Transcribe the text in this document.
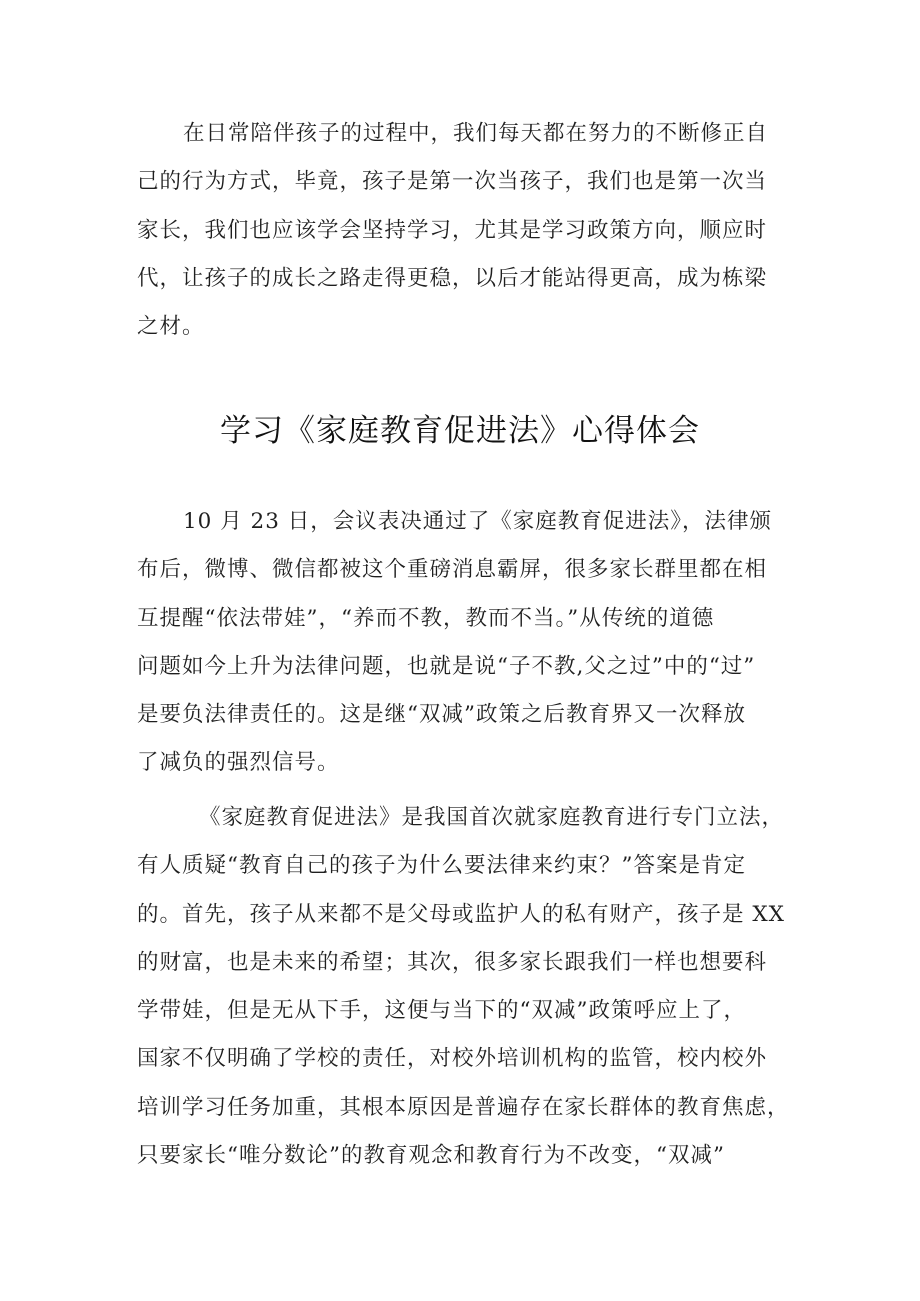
在日常陪伴孩子的过程中，我们每天都在努力的不断修正自
己的行为方式，毕竟，孩子是第一次当孩子，我们也是第一次当
家长，我们也应该学会坚持学习，尤其是学习政策方向，顺应时
代，让孩子的成长之路走得更稳，以后才能站得更高，成为栋梁
之材。
学习《家庭教育促进法》心得体会
10 月 23 日，会议表决通过了《家庭教育促进法》，法律颁
布后，微博、微信都被这个重磅消息霸屏，很多家长群里都在相
互提醒“依法带娃”，“养而不教，教而不当。”从传统的道德
问题如今上升为法律问题，也就是说“子不教,父之过”中的“过”
是要负法律责任的。这是继“双减”政策之后教育界又一次释放
了减负的强烈信号。
《家庭教育促进法》是我国首次就家庭教育进行专门立法，
有人质疑“教育自己的孩子为什么要法律来约束？”答案是肯定
的。首先，孩子从来都不是父母或监护人的私有财产，孩子是 XX
的财富，也是未来的希望；其次，很多家长跟我们一样也想要科
学带娃，但是无从下手，这便与当下的“双减”政策呼应上了，
国家不仅明确了学校的责任，对校外培训机构的监管，校内校外
培训学习任务加重，其根本原因是普遍存在家长群体的教育焦虑，
只要家长“唯分数论”的教育观念和教育行为不改变，“双减”
